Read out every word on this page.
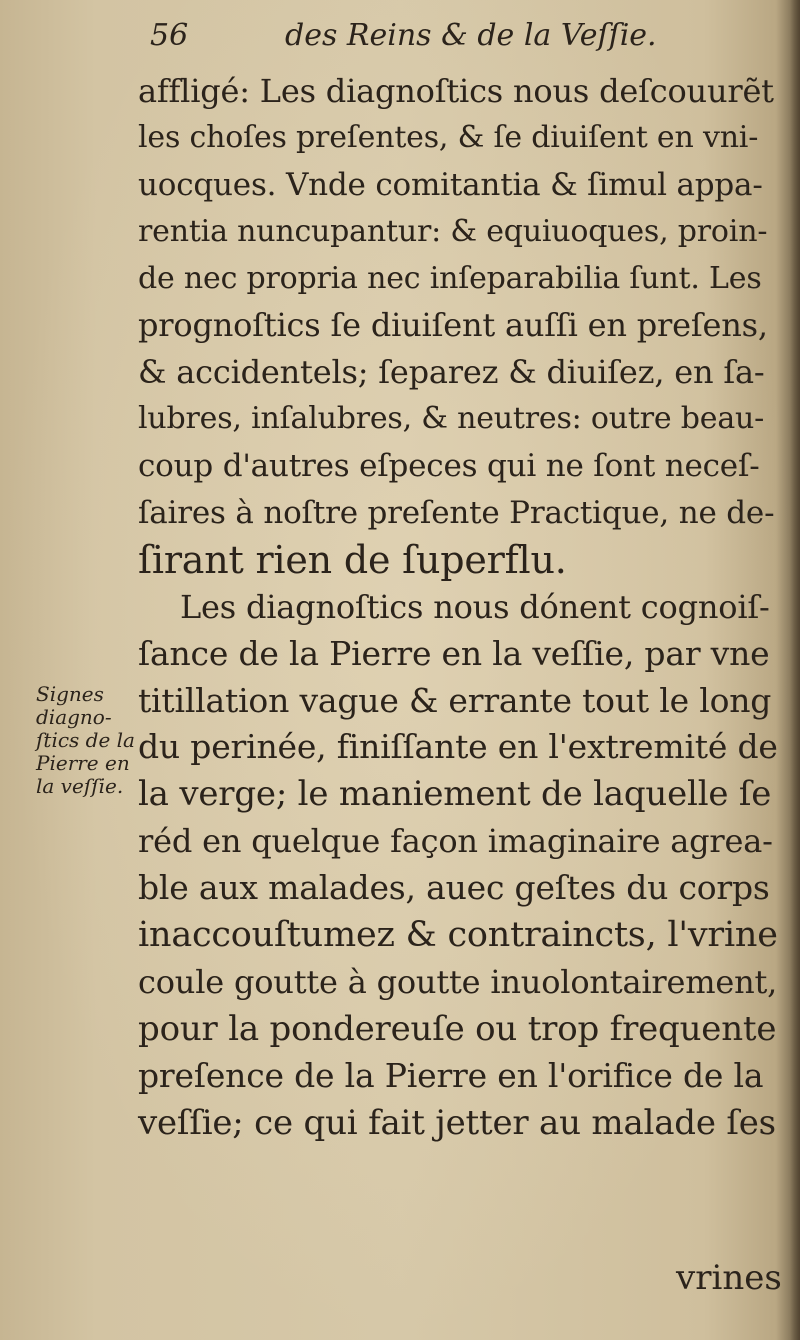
56	des Reins & de la Veſſie.
Signes
diagno-
ſtics de la
Pierre en
la veſſie.
affligé: Les diagnoſtics nous deſcouurẽt
les choſes preſentes, & ſe diuiſent en vni-
uocques. Vnde comitantia & ſimul appa-
rentia nuncupantur: & equiuoques, proin-
de nec propria nec inſeparabilia ſunt. Les
prognoſtics ſe diuiſent auſſi en preſens,
& accidentels; ſeparez & diuiſez, en ſa-
lubres, inſalubres, & neutres: outre beau-
coup d'autres eſpeces qui ne ſont neceſ-
ſaires à noſtre preſente Practique, ne de-
ſirant rien de ſuperflu.
Les diagnoſtics nous dónent cognoiſ-
ſance de la Pierre en la veſſie, par vne
titillation vague & errante tout le long
du perinée, finiſſante en l'extremité de
la verge; le maniement de laquelle ſe
réd en quelque façon imaginaire agrea-
ble aux malades, auec geſtes du corps
inaccouſtumez & contraincts, l'vrine
coule goutte à goutte inuolontairement,
pour la pondereuſe ou trop frequente
preſence de la Pierre en l'orifice de la
veſſie; ce qui fait jetter au malade ſes
vrines
